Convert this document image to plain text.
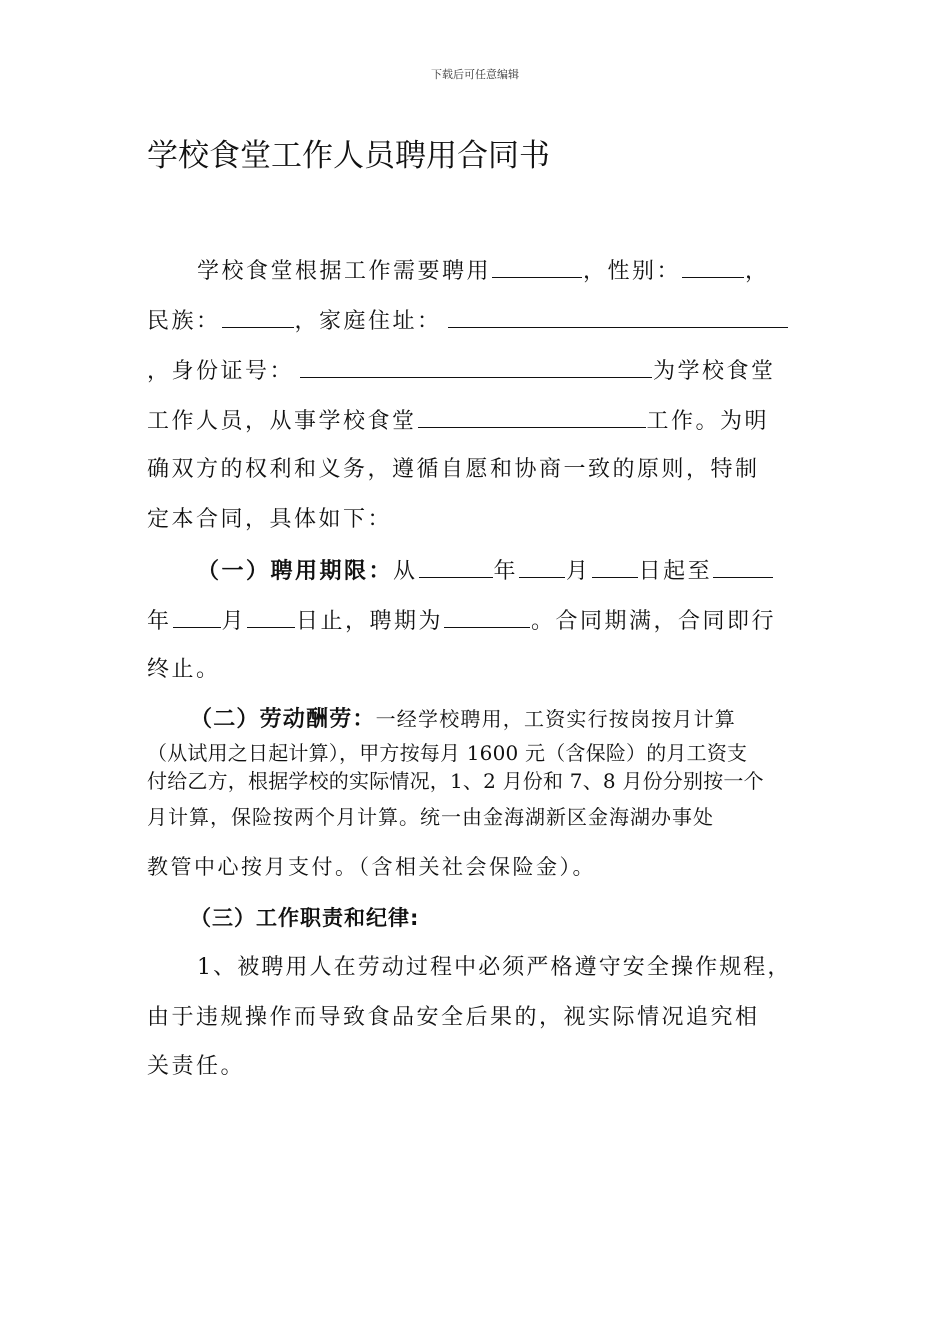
下载后可任意编辑
学校食堂工作人员聘用合同书
学校食堂根据工作需要聘用	，性别：	，
民族：	，家庭住址：
，身份证号：	为学校食堂
工作人员，从事学校食堂	工作。为明
确双方的权利和义务，遵循自愿和协商一致的原则，特制
定本合同，具体如下：
（一）聘用期限：从	年 月 日起至
年 月 日止，聘期为	。合同期满，合同即行
终止。
（二）劳动酬劳：一经学校聘用，工资实行按岗按月计算
（从试用之日起计算），甲方按每月 1600 元（含保险）的月工资支
付给乙方，根据学校的实际情况，1、2 月份和 7、8 月份分别按一个
月计算，保险按两个月计算。统一由金海湖新区金海湖办事处
教管中心按月支付。（含相关社会保险金）。
（三）工作职责和纪律:
1、被聘用人在劳动过程中必须严格遵守安全操作规程，
由于违规操作而导致食品安全后果的，视实际情况追究相
关责任。
